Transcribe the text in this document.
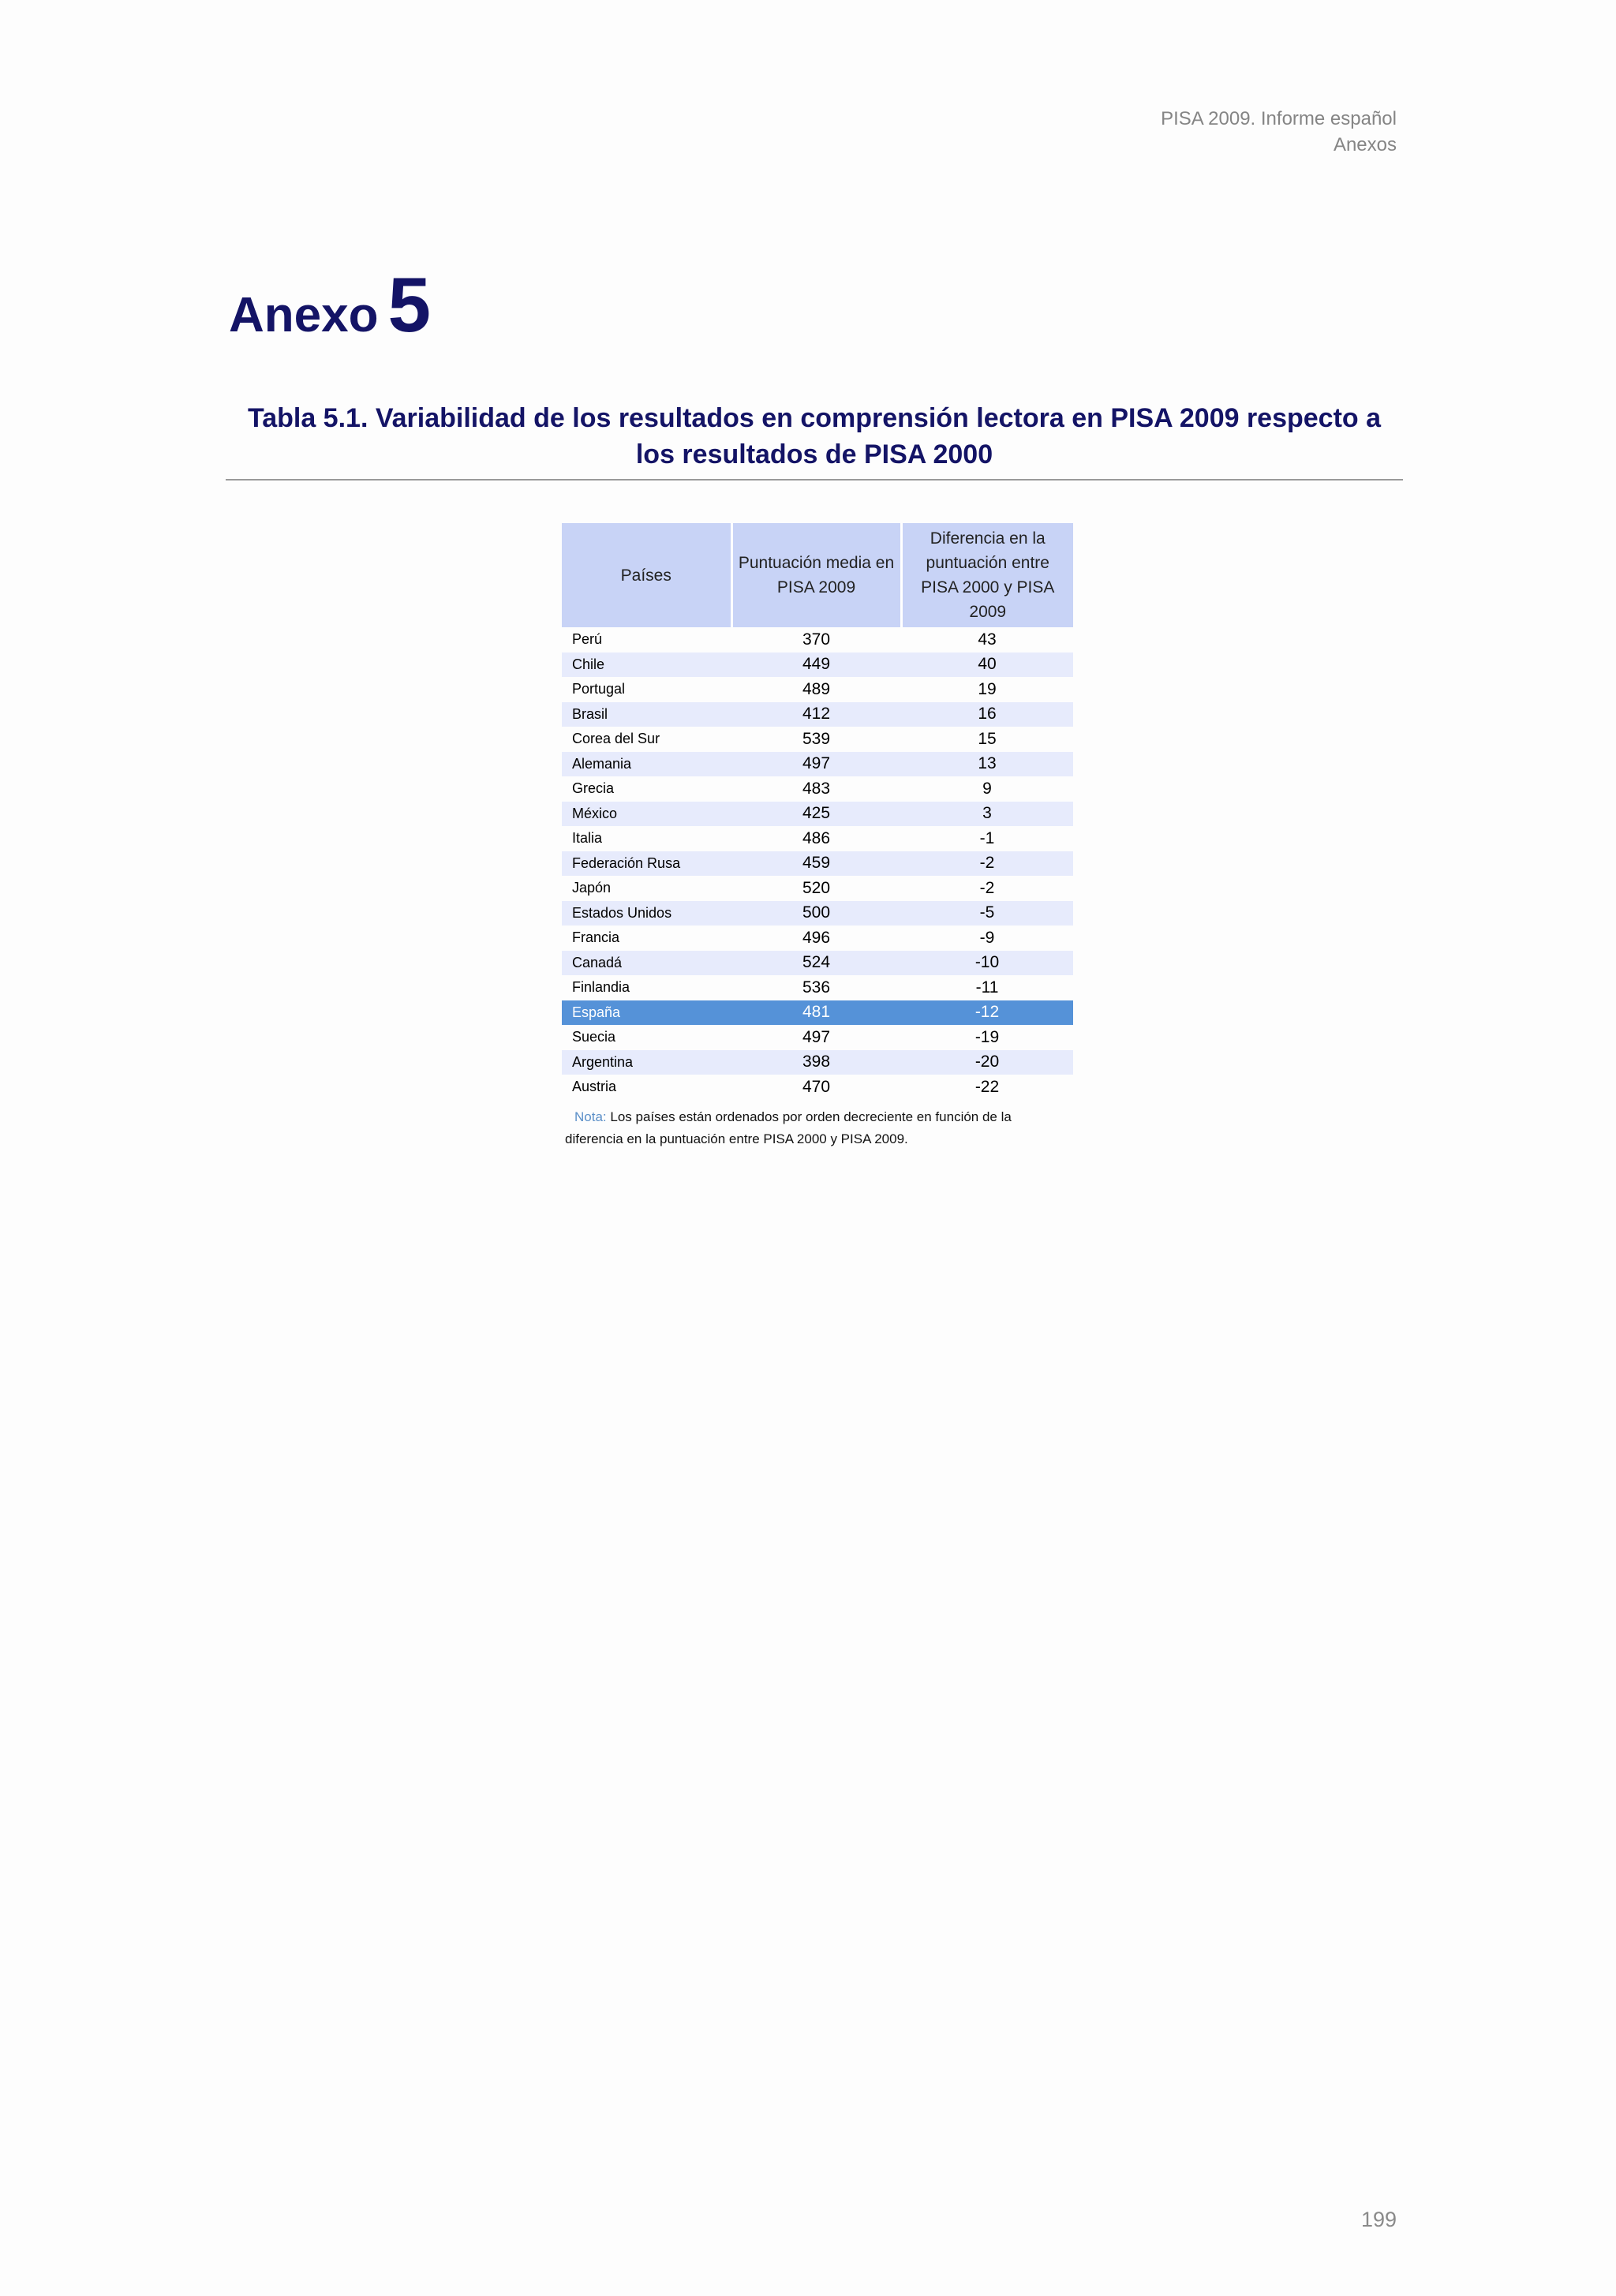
PISA 2009. Informe español
Anexos
Anexo 5
Tabla 5.1. Variabilidad de los resultados en comprensión lectora en PISA 2009 respecto a
los resultados de PISA 2000
Países	Puntuación media en PISA 2009	Diferencia en la puntuación entre PISA 2000 y PISA 2009
Perú	370	43
Chile	449	40
Portugal	489	19
Brasil	412	16
Corea del Sur	539	15
Alemania	497	13
Grecia	483	9
México	425	3
Italia	486	-1
Federación Rusa	459	-2
Japón	520	-2
Estados Unidos	500	-5
Francia	496	-9
Canadá	524	-10
Finlandia	536	-11
España	481	-12
Suecia	497	-19
Argentina	398	-20
Austria	470	-22
Nota: Los países están ordenados por orden decreciente en función de la diferencia en la puntuación entre PISA 2000 y PISA 2009.
199
